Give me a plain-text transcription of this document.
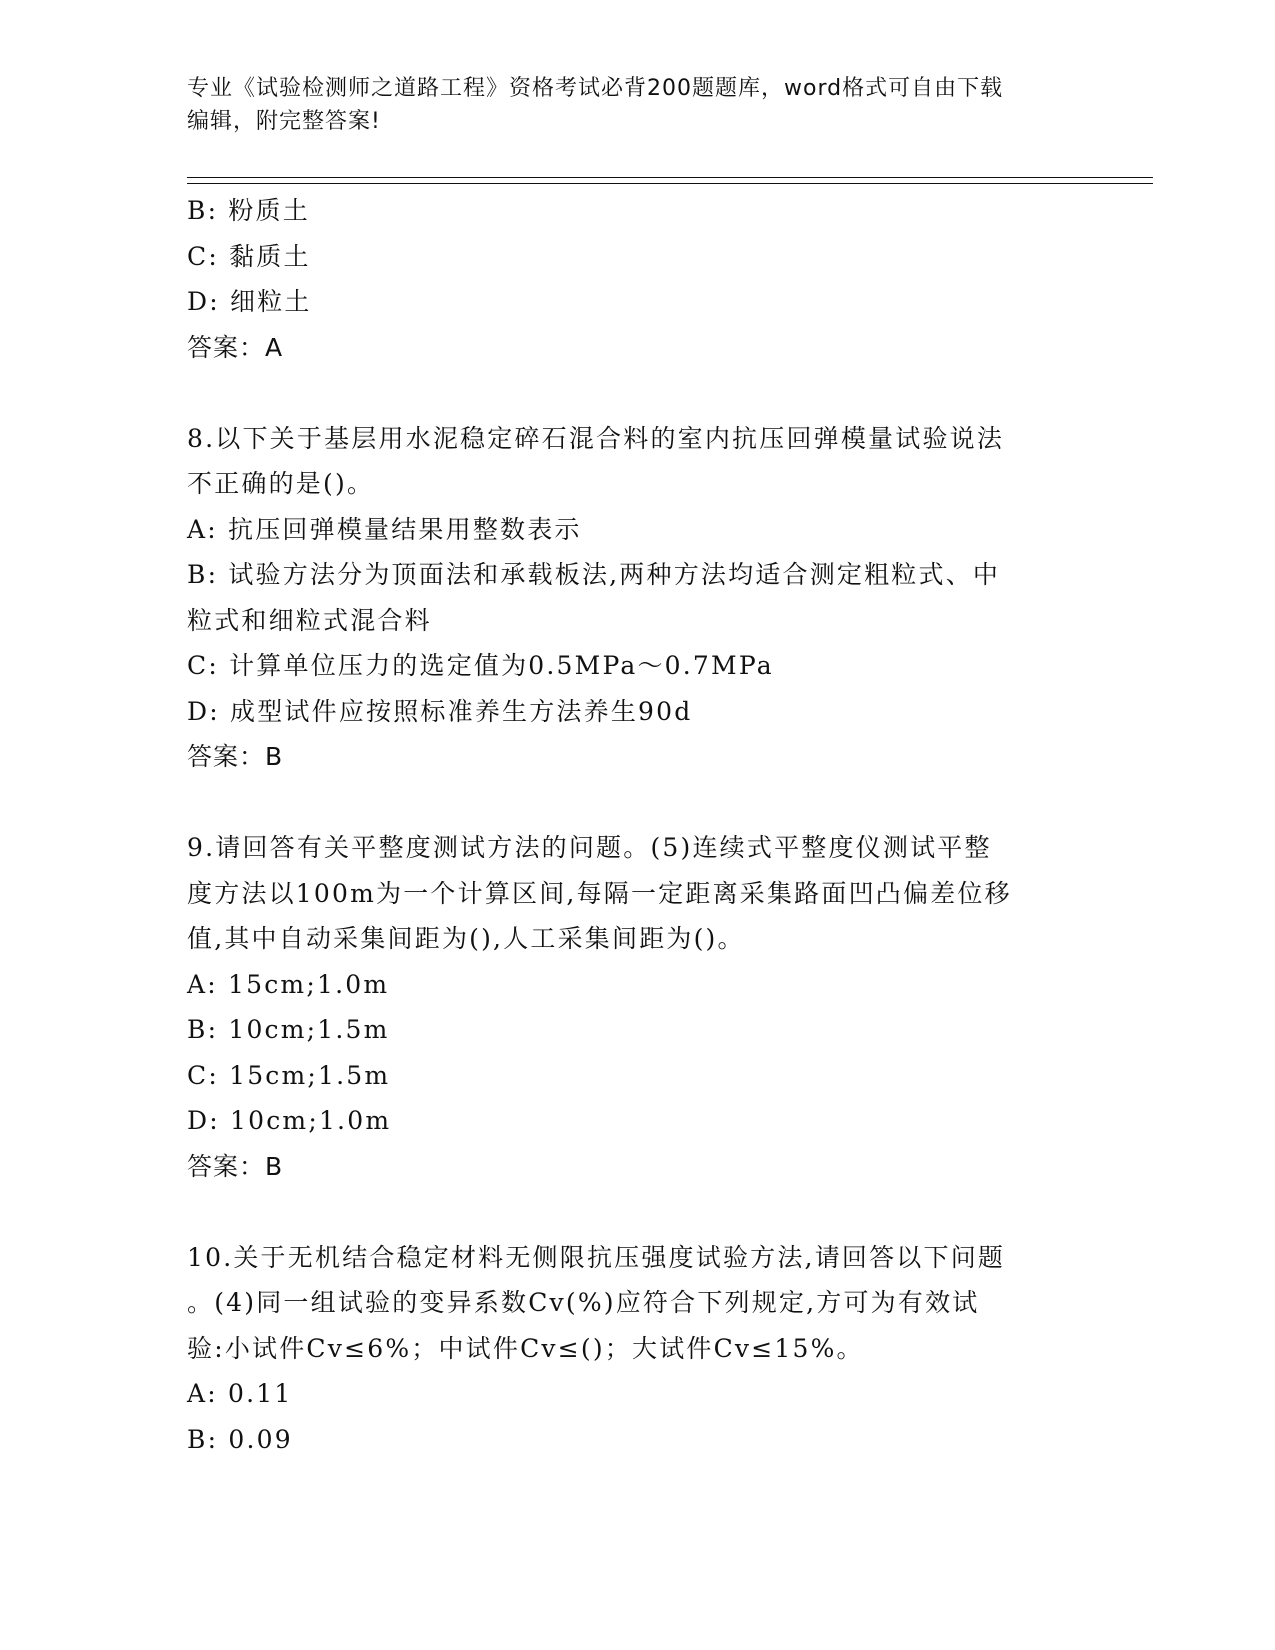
专业《试验检测师之道路工程》资格考试必背200题题库，word格式可自由下载
编辑，附完整答案!
B: 粉质土
C: 黏质土
D: 细粒土
答案：A
8.以下关于基层用水泥稳定碎石混合料的室内抗压回弹模量试验说法
不正确的是()。
A: 抗压回弹模量结果用整数表示
B: 试验方法分为顶面法和承载板法,两种方法均适合测定粗粒式、中
粒式和细粒式混合料
C: 计算单位压力的选定值为0.5MPa～0.7MPa
D: 成型试件应按照标准养生方法养生90d
答案：B
9.请回答有关平整度测试方法的问题。(5)连续式平整度仪测试平整
度方法以100m为一个计算区间,每隔一定距离采集路面凹凸偏差位移
值,其中自动采集间距为(),人工采集间距为()。
A: 15cm;1.0m
B: 10cm;1.5m
C: 15cm;1.5m
D: 10cm;1.0m
答案：B
10.关于无机结合稳定材料无侧限抗压强度试验方法,请回答以下问题
。(4)同一组试验的变异系数Cv(%)应符合下列规定,方可为有效试
验:小试件Cv≤6%；中试件Cv≤()；大试件Cv≤15%。
A: 0.11
B: 0.09
